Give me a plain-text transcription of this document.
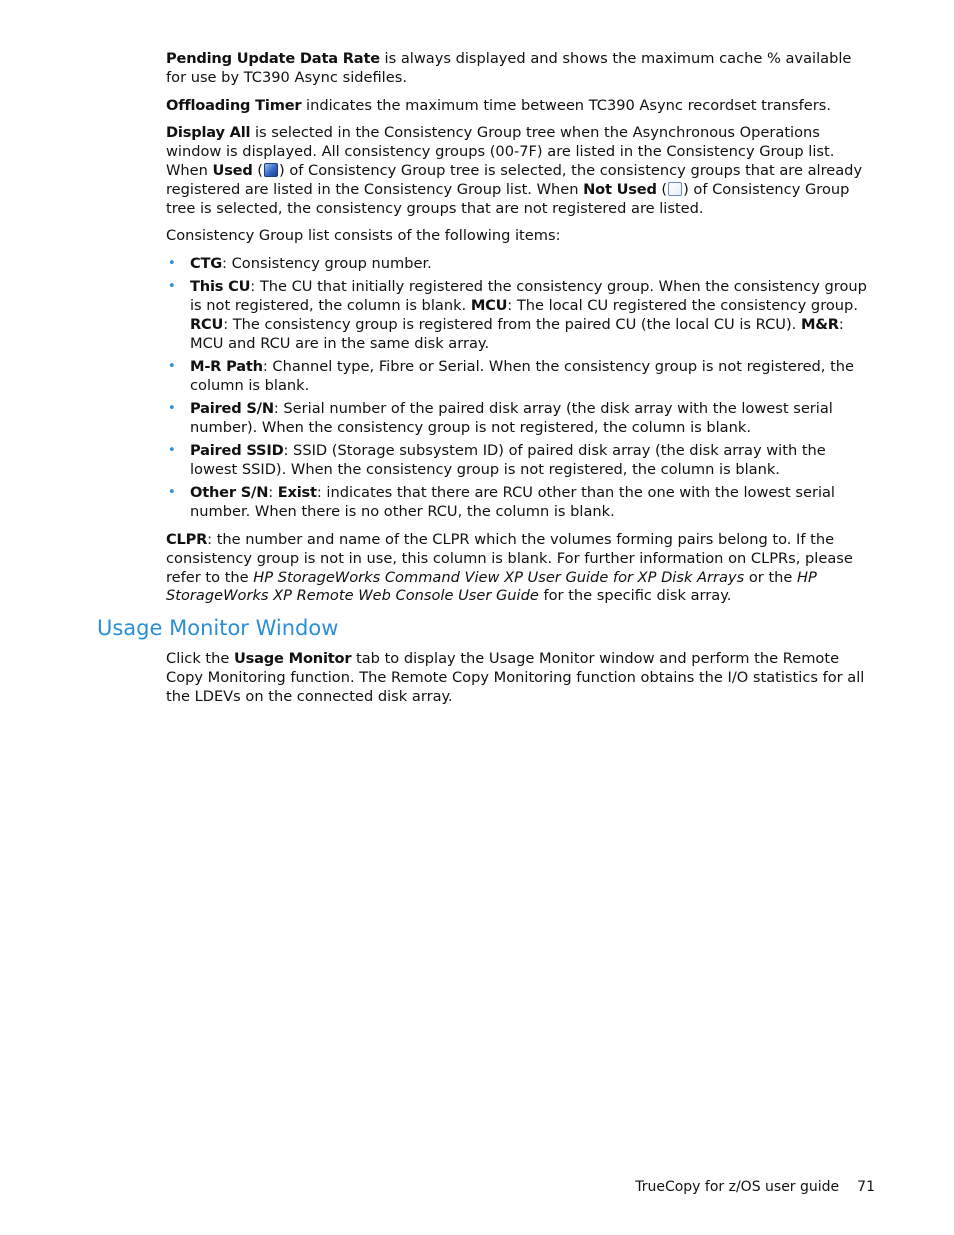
Pending Update Data Rate is always displayed and shows the maximum cache % available for use by TC390 Async sidefiles.

Offloading Timer indicates the maximum time between TC390 Async recordset transfers.

Display All is selected in the Consistency Group tree when the Asynchronous Operations window is displayed. All consistency groups (00-7F) are listed in the Consistency Group list. When Used ( ) of Consistency Group tree is selected, the consistency groups that are already registered are listed in the Consistency Group list. When Not Used ( ) of Consistency Group tree is selected, the consistency groups that are not registered are listed.

Consistency Group list consists of the following items:

• CTG: Consistency group number.
• This CU: The CU that initially registered the consistency group. When the consistency group is not registered, the column is blank. MCU: The local CU registered the consistency group. RCU: The consistency group is registered from the paired CU (the local CU is RCU). M&R: MCU and RCU are in the same disk array.
• M-R Path: Channel type, Fibre or Serial. When the consistency group is not registered, the column is blank.
• Paired S/N: Serial number of the paired disk array (the disk array with the lowest serial number). When the consistency group is not registered, the column is blank.
• Paired SSID: SSID (Storage subsystem ID) of paired disk array (the disk array with the lowest SSID). When the consistency group is not registered, the column is blank.
• Other S/N: Exist: indicates that there are RCU other than the one with the lowest serial number. When there is no other RCU, the column is blank.

CLPR: the number and name of the CLPR which the volumes forming pairs belong to. If the consistency group is not in use, this column is blank. For further information on CLPRs, please refer to the HP StorageWorks Command View XP User Guide for XP Disk Arrays or the HP StorageWorks XP Remote Web Console User Guide for the specific disk array.

Usage Monitor Window

Click the Usage Monitor tab to display the Usage Monitor window and perform the Remote Copy Monitoring function. The Remote Copy Monitoring function obtains the I/O statistics for all the LDEVs on the connected disk array.

TrueCopy for z/OS user guide 71
